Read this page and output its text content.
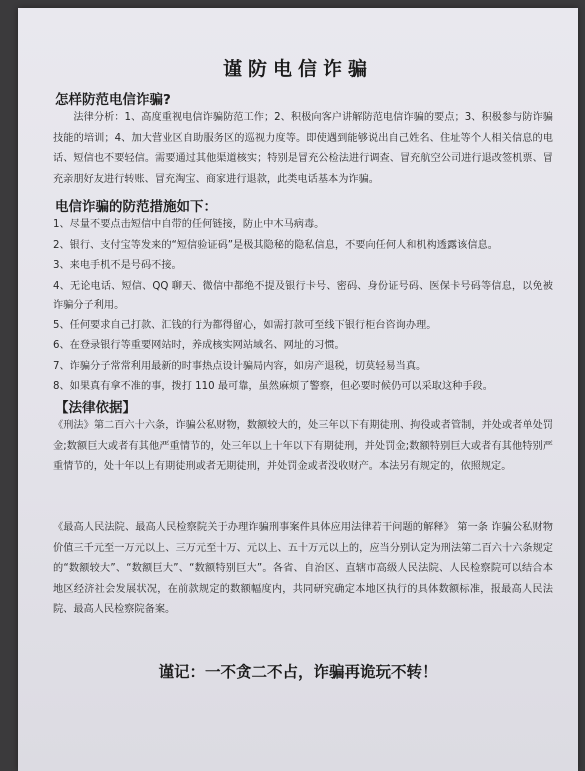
谨防电信诈骗
怎样防范电信诈骗?
法律分析：1、高度重视电信诈骗防范工作；2、积极向客户讲解防范电信诈骗的要点；3、积极参与防诈骗技能的培训；4、加大营业区自助服务区的巡视力度等。即使遇到能够说出自己姓名、住址等个人相关信息的电话、短信也不要轻信。需要通过其他渠道核实；特别是冒充公检法进行调查、冒充航空公司进行退改签机票、冒充亲朋好友进行转账、冒充淘宝、商家进行退款，此类电话基本为诈骗。
电信诈骗的防范措施如下：
1、尽量不要点击短信中自带的任何链接，防止中木马病毒。
2、银行、支付宝等发来的“短信验证码”是极其隐秘的隐私信息，不要向任何人和机构透露该信息。
3、来电手机不是号码不接。
4、无论电话、短信、QQ 聊天、微信中都绝不提及银行卡号、密码、身份证号码、医保卡号码等信息，以免被诈骗分子利用。
5、任何要求自己打款、汇钱的行为都得留心，如需打款可至线下银行柜台咨询办理。
6、在登录银行等重要网站时，养成核实网站域名、网址的习惯。
7、诈骗分子常常利用最新的时事热点设计骗局内容，如房产退税，切莫轻易当真。
8、如果真有拿不准的事，拨打 110 最可靠，虽然麻烦了警察，但必要时候仍可以采取这种手段。
【法律依据】
《刑法》第二百六十六条，诈骗公私财物，数额较大的，处三年以下有期徒刑、拘役或者管制，并处或者单处罚金;数额巨大或者有其他严重情节的，处三年以上十年以下有期徒刑，并处罚金;数额特别巨大或者有其他特别严重情节的，处十年以上有期徒刑或者无期徒刑，并处罚金或者没收财产。本法另有规定的，依照规定。
《最高人民法院、最高人民检察院关于办理诈骗刑事案件具体应用法律若干问题的解释》 第一条 诈骗公私财物价值三千元至一万元以上、三万元至十万、元以上、五十万元以上的，应当分别认定为刑法第二百六十六条规定的“数额较大”、“数额巨大”、“数额特别巨大”。各省、自治区、直辖市高级人民法院、人民检察院可以结合本地区经济社会发展状况，在前款规定的数额幅度内，共同研究确定本地区执行的具体数额标准，报最高人民法院、最高人民检察院备案。
谨记：一不贪二不占，诈骗再诡玩不转！
